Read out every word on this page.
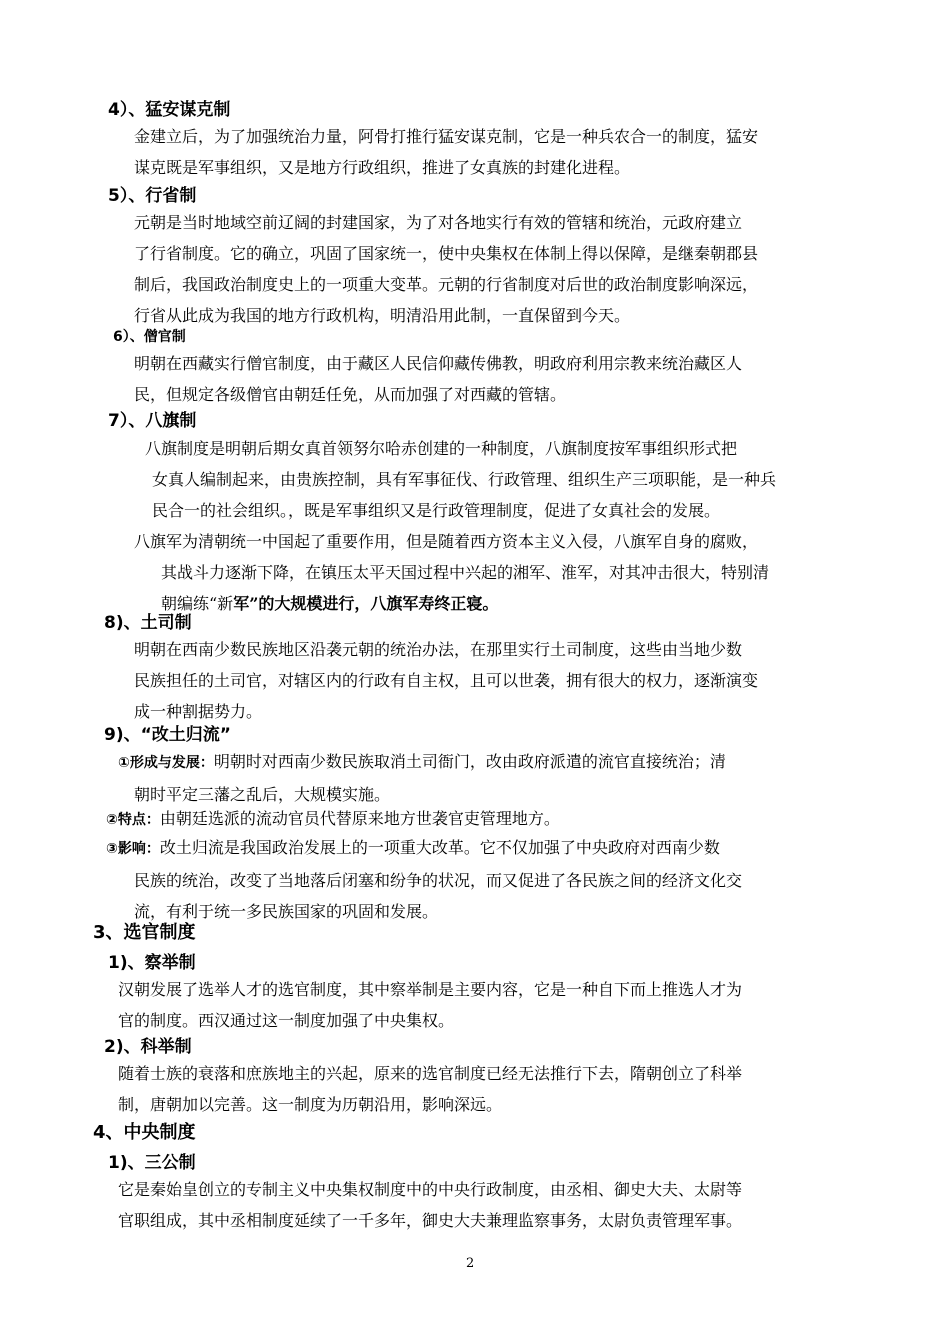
4）、猛安谋克制
金建立后，为了加强统治力量，阿骨打推行猛安谋克制，它是一种兵农合一的制度，猛安
谋克既是军事组织，又是地方行政组织，推进了女真族的封建化进程。
5）、行省制
元朝是当时地域空前辽阔的封建国家，为了对各地实行有效的管辖和统治，元政府建立
了行省制度。它的确立，巩固了国家统一，使中央集权在体制上得以保障，是继秦朝郡县
制后，我国政治制度史上的一项重大变革。元朝的行省制度对后世的政治制度影响深远，
行省从此成为我国的地方行政机构，明清沿用此制，一直保留到今天。
6）、僧官制
明朝在西藏实行僧官制度，由于藏区人民信仰藏传佛教，明政府利用宗教来统治藏区人
民，但规定各级僧官由朝廷任免，从而加强了对西藏的管辖。
7）、八旗制
八旗制度是明朝后期女真首领努尔哈赤创建的一种制度，八旗制度按军事组织形式把
女真人编制起来，由贵族控制，具有军事征伐、行政管理、组织生产三项职能，是一种兵
民合一的社会组织。，既是军事组织又是行政管理制度，促进了女真社会的发展。
八旗军为清朝统一中国起了重要作用，但是随着西方资本主义入侵，八旗军自身的腐败，
其战斗力逐渐下降，在镇压太平天国过程中兴起的湘军、淮军，对其冲击很大，特别清
朝编练“新军”的大规模进行，八旗军寿终正寝。
8)、土司制
明朝在西南少数民族地区沿袭元朝的统治办法，在那里实行土司制度，这些由当地少数
民族担任的土司官，对辖区内的行政有自主权，且可以世袭，拥有很大的权力，逐渐演变
成一种割据势力。
9)、“改土归流”
①形成与发展：明朝时对西南少数民族取消土司衙门，改由政府派遣的流官直接统治；清
朝时平定三藩之乱后，大规模实施。
②特点：由朝廷选派的流动官员代替原来地方世袭官吏管理地方。
③影响：改土归流是我国政治发展上的一项重大改革。它不仅加强了中央政府对西南少数
民族的统治，改变了当地落后闭塞和纷争的状况，而又促进了各民族之间的经济文化交
流，有利于统一多民族国家的巩固和发展。
3、选官制度
1)、察举制
汉朝发展了选举人才的选官制度，其中察举制是主要内容，它是一种自下而上推选人才为
官的制度。西汉通过这一制度加强了中央集权。
2)、科举制
随着士族的衰落和庶族地主的兴起，原来的选官制度已经无法推行下去，隋朝创立了科举
制，唐朝加以完善。这一制度为历朝沿用，影响深远。
4、中央制度
1)、三公制
它是秦始皇创立的专制主义中央集权制度中的中央行政制度，由丞相、御史大夫、太尉等
官职组成，其中丞相制度延续了一千多年，御史大夫兼理监察事务，太尉负责管理军事。
2
